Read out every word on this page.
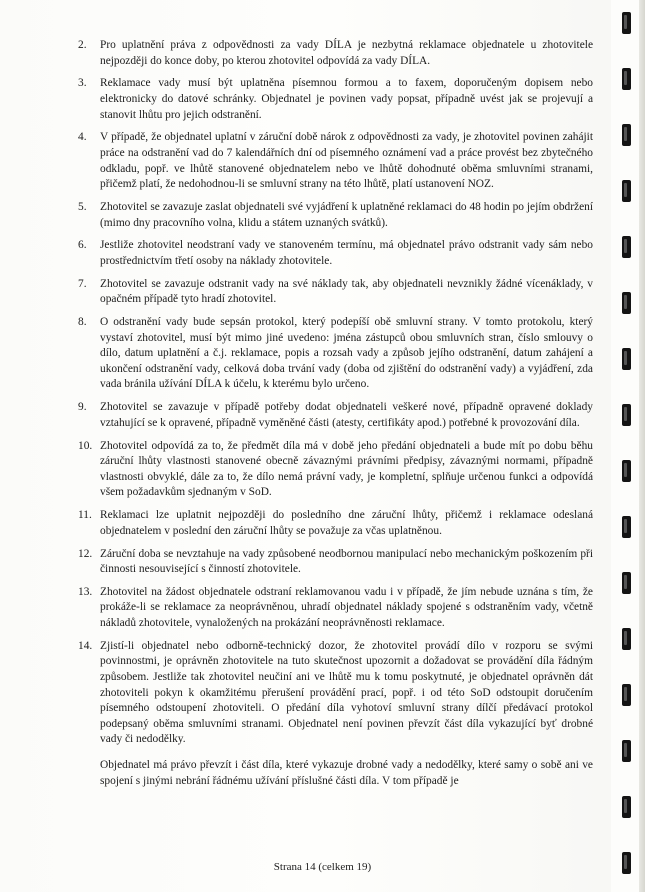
2.	Pro uplatnění práva z odpovědnosti za vady DÍLA je nezbytná reklamace objednatele u zhotovitele nejpozději do konce doby, po kterou zhotovitel odpovídá za vady DÍLA.
3.	Reklamace vady musí být uplatněna písemnou formou a to faxem, doporučeným dopisem nebo elektronicky do datové schránky. Objednatel je povinen vady popsat, případně uvést jak se projevují a stanovit lhůtu pro jejich odstranění.
4.	V případě, že objednatel uplatní v záruční době nárok z odpovědnosti za vady, je zhotovitel povinen zahájit práce na odstranění vad do 7 kalendářních dní od písemného oznámení vad a práce provést bez zbytečného odkladu, popř. ve lhůtě stanovené objednatelem nebo ve lhůtě dohodnuté oběma smluvními stranami, přičemž platí, že nedohodnou-li se smluvní strany na této lhůtě, platí ustanovení NOZ.
5.	Zhotovitel se zavazuje zaslat objednateli své vyjádření k uplatněné reklamaci do 48 hodin po jejím obdržení (mimo dny pracovního volna, klidu a státem uznaných svátků).
6.	Jestliže zhotovitel neodstraní vady ve stanoveném termínu, má objednatel právo odstranit vady sám nebo prostřednictvím třetí osoby na náklady zhotovitele.
7.	Zhotovitel se zavazuje odstranit vady na své náklady tak, aby objednateli nevznikly žádné vícenáklady, v opačném případě tyto hradí zhotovitel.
8.	O odstranění vady bude sepsán protokol, který podepíší obě smluvní strany. V tomto protokolu, který vystaví zhotovitel, musí být mimo jiné uvedeno: jména zástupců obou smluvních stran, číslo smlouvy o dílo, datum uplatnění a č.j. reklamace, popis a rozsah vady a způsob jejího odstranění, datum zahájení a ukončení odstranění vady, celková doba trvání vady (doba od zjištění do odstranění vady) a vyjádření, zda vada bránila užívání DÍLA k účelu, k kterému bylo určeno.
9.	Zhotovitel se zavazuje v případě potřeby dodat objednateli veškeré nové, případně opravené doklady vztahující se k opravené, případně vyměněné části (atesty, certifikáty apod.) potřebné k provozování díla.
10. Zhotovitel odpovídá za to, že předmět díla má v době jeho předání objednateli a bude mít po dobu běhu záruční lhůty vlastnosti stanovené obecně závaznými právními předpisy, závaznými normami, případně vlastnosti obvyklé, dále za to, že dílo nemá právní vady, je kompletní, splňuje určenou funkci a odpovídá všem požadavkům sjednaným v SoD.
11. Reklamaci lze uplatnit nejpozději do posledního dne záruční lhůty, přičemž i reklamace odeslaná objednatelem v poslední den záruční lhůty se považuje za včas uplatněnou.
12. Záruční doba se nevztahuje na vady způsobené neodbornou manipulací nebo mechanickým poškozením při činnosti nesouvisející s činností zhotovitele.
13. Zhotovitel na žádost objednatele odstraní reklamovanou vadu i v případě, že jím nebude uznána s tím, že prokáže-li se reklamace za neoprávněnou, uhradí objednatel náklady spojené s odstraněním vady, včetně nákladů zhotovitele, vynaložených na prokázání neoprávněnosti reklamace.
14. Zjistí-li objednatel nebo odborně-technický dozor, že zhotovitel provádí dílo v rozporu se svými povinnostmi, je oprávněn zhotovitele na tuto skutečnost upozornit a dožadovat se provádění díla řádným způsobem. Jestliže tak zhotovitel neučiní ani ve lhůtě mu k tomu poskytnuté, je objednatel oprávněn dát zhotoviteli pokyn k okamžitému přerušení provádění prací, popř. i od této SoD odstoupit doručením písemného odstoupení zhotoviteli. O předání díla vyhotoví smluvní strany dílčí předávací protokol podepsaný oběma smluvními stranami. Objednatel není povinen převzít část díla vykazující byť drobné vady či nedodělky.

Objednatel má právo převzít i část díla, které vykazuje drobné vady a nedodělky, které samy o sobě ani ve spojení s jinými nebrání řádnému užívání příslušné části díla. V tom případě je

Strana 14 (celkem 19)
